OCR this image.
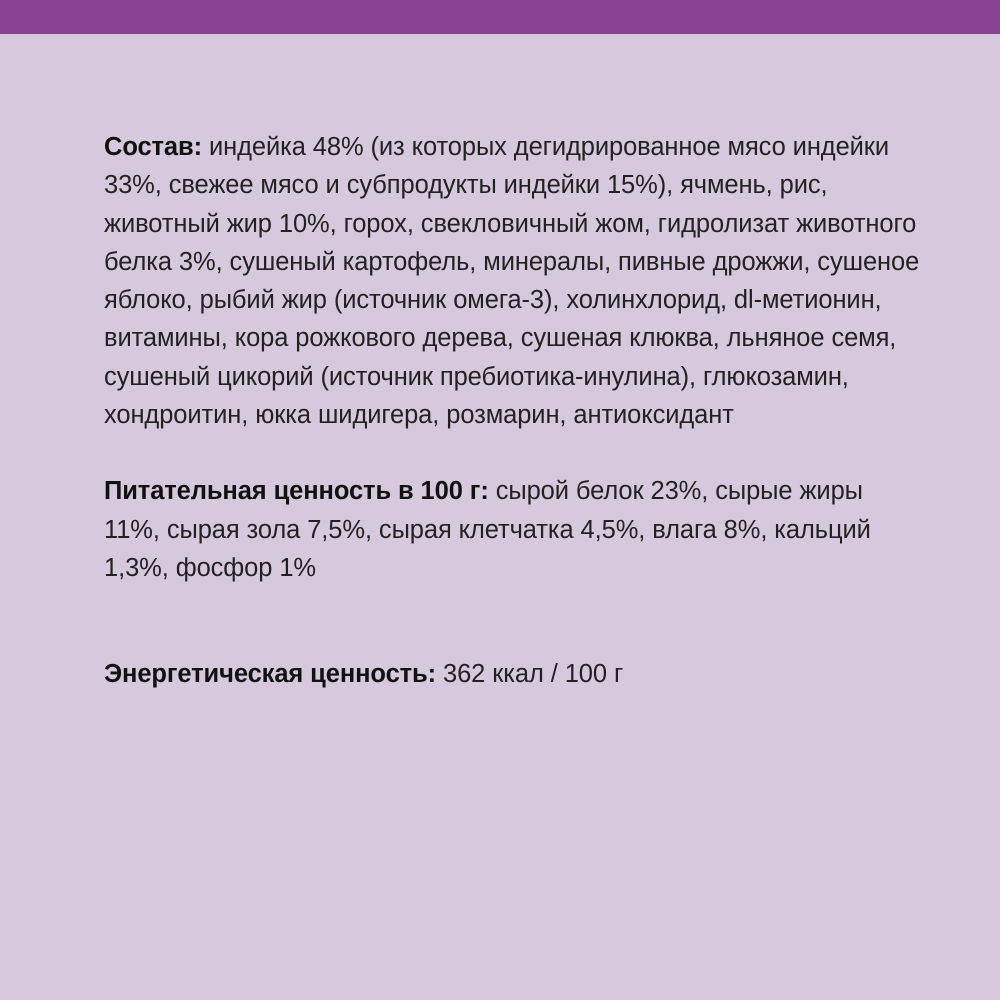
Состав: индейка 48% (из которых дегидрированное мясо индейки 33%, свежее мясо и субпродукты индейки 15%), ячмень, рис, животный жир 10%, горох, свекловичный жом, гидролизат животного белка 3%, сушеный картофель, минералы, пивные дрожжи, сушеное яблоко, рыбий жир (источник омега-3), холинхлорид, dl-метионин, витамины, кора рожкового дерева, сушеная клюква, льняное семя, сушеный цикорий (источник пребиотика-инулина), глюкозамин, хондроитин, юкка шидигера, розмарин, антиоксидант

Питательная ценность в 100 г: сырой белок 23%, сырые жиры 11%, сырая зола 7,5%, сырая клетчатка 4,5%, влага 8%, кальций 1,3%, фосфор 1%

Энергетическая ценность: 362 ккал / 100 г
